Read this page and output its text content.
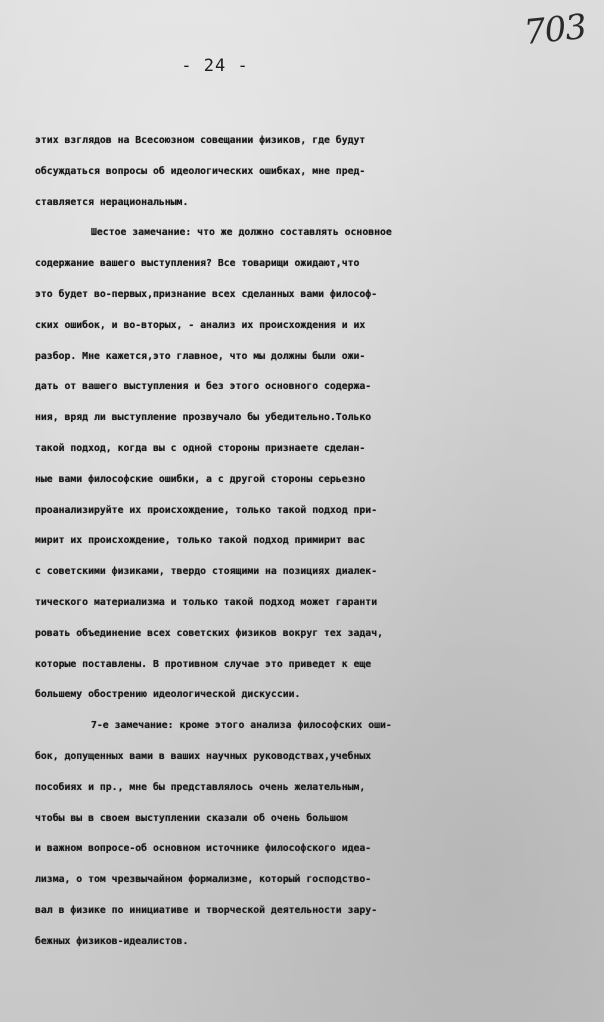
703
- 24 -
этих взглядов на Всесоюзном совещании физиков, где будут
обсуждаться вопросы об идеологических ошибках, мне пред-
ставляется нерациональным.
Шестое замечание: что же должно составлять основное
содержание вашего выступления? Все товарищи ожидают,что
это будет во-первых,признание всех сделанных вами философ-
ских ошибок, и во-вторых, - анализ их происхождения и их
разбор. Мне кажется,это главное, что мы должны были ожи-
дать от вашего выступления и без этого основного содержа-
ния, вряд ли выступление прозвучало бы убедительно.Только
такой подход, когда вы с одной стороны признаете сделан-
ные вами философские ошибки, а с другой стороны серьезно
проанализируйте их происхождение, только такой подход при-
мирит их происхождение, только такой подход примирит вас
с советскими физиками, твердо стоящими на позициях диалек-
тического материализма и только такой подход может гаранти
ровать объединение всех советских физиков вокруг тех задач,
которые поставлены. В противном случае это приведет к еще
большему обострению идеологической дискуссии.
7-е замечание: кроме этого анализа философских оши-
бок, допущенных вами в ваших научных руководствах,учебных
пособиях и пр., мне бы представлялось очень желательным,
чтобы вы в своем выступлении сказали об очень большом
и важном вопросе-об основном источнике философского идеа-
лизма, о том чрезвычайном формализме, который господство-
вал в физике по инициативе и творческой деятельности зару-
бежных физиков-идеалистов.
